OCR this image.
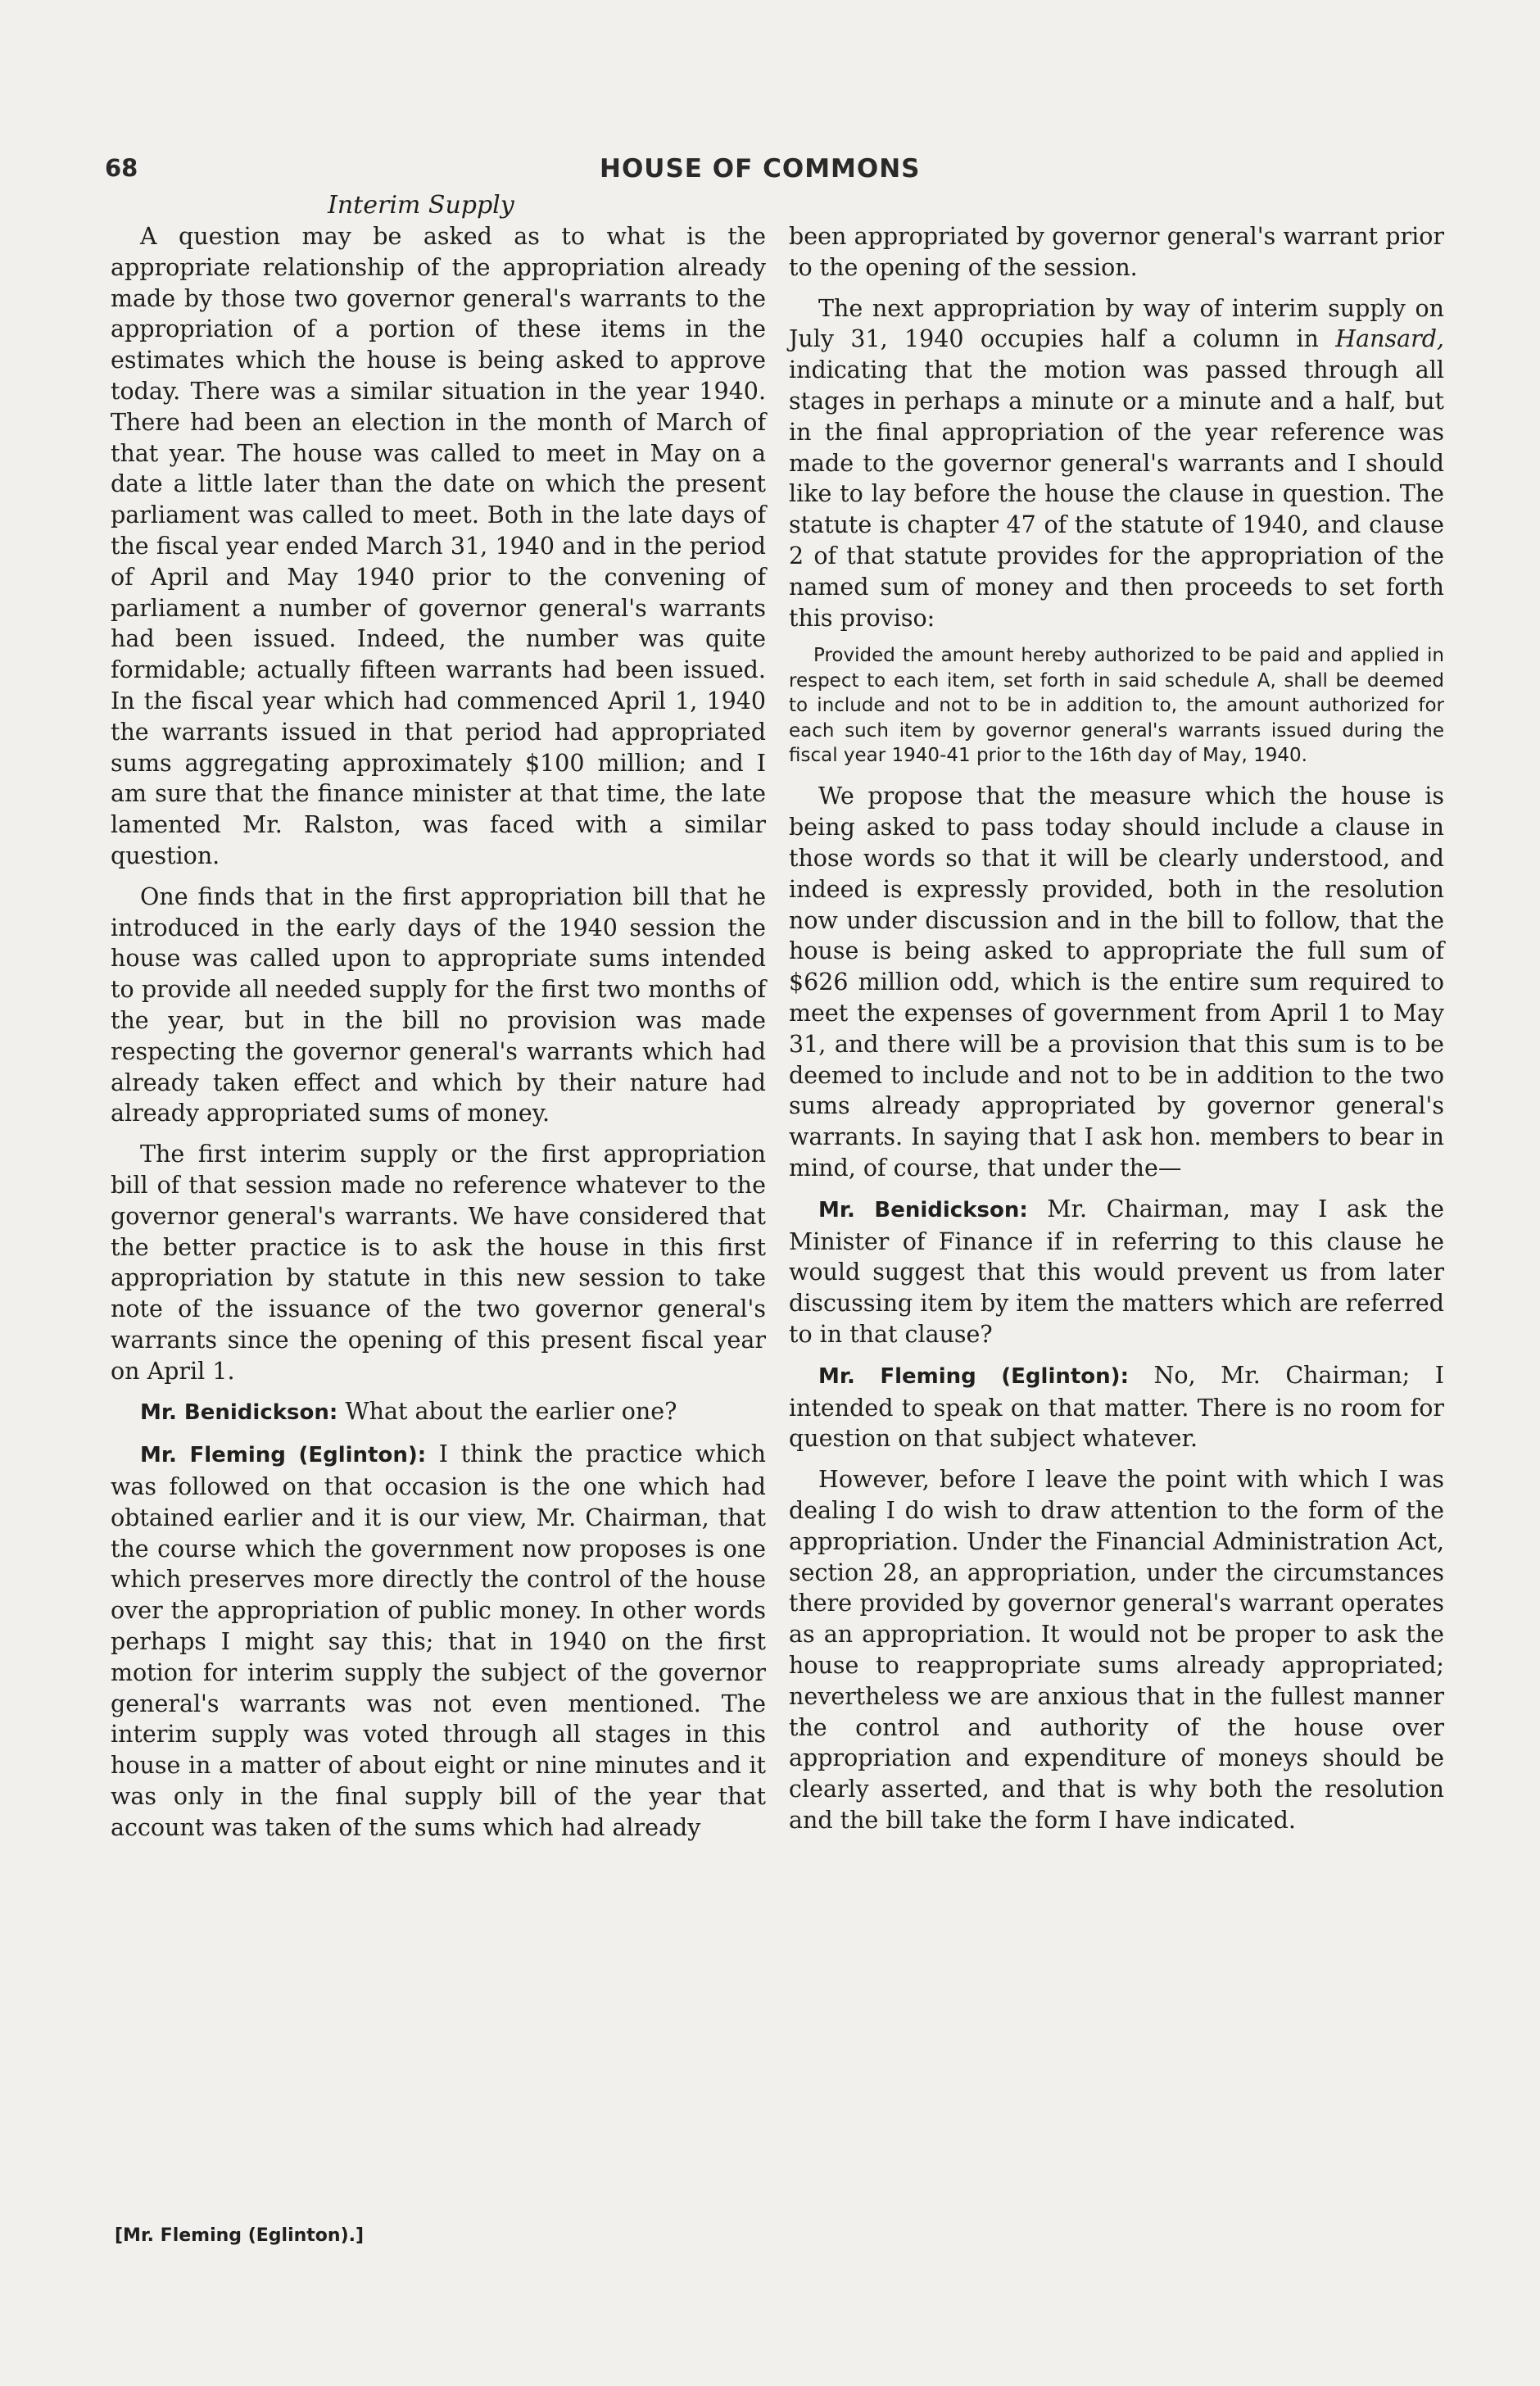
68	HOUSE OF COMMONS
Interim Supply

A question may be asked as to what is the appropriate relationship of the appropriation already made by those two governor general's warrants to the appropriation of a portion of these items in the estimates which the house is being asked to approve today. There was a similar situation in the year 1940. There had been an election in the month of March of that year. The house was called to meet in May on a date a little later than the date on which the present parliament was called to meet. Both in the late days of the fiscal year ended March 31, 1940 and in the period of April and May 1940 prior to the convening of parliament a number of governor general's warrants had been issued. Indeed, the number was quite formidable; actually fifteen warrants had been issued. In the fiscal year which had commenced April 1, 1940 the warrants issued in that period had appropriated sums aggregating approximately $100 million; and I am sure that the finance minister at that time, the late lamented Mr. Ralston, was faced with a similar question.

One finds that in the first appropriation bill that he introduced in the early days of the 1940 session the house was called upon to appropriate sums intended to provide all needed supply for the first two months of the year, but in the bill no provision was made respecting the governor general's warrants which had already taken effect and which by their nature had already appropriated sums of money.

The first interim supply or the first appropriation bill of that session made no reference whatever to the governor general's warrants. We have considered that the better practice is to ask the house in this first appropriation by statute in this new session to take note of the issuance of the two governor general's warrants since the opening of this present fiscal year on April 1.

Mr. Benidickson: What about the earlier one?

Mr. Fleming (Eglinton): I think the practice which was followed on that occasion is the one which had obtained earlier and it is our view, Mr. Chairman, that the course which the government now proposes is one which preserves more directly the control of the house over the appropriation of public money. In other words perhaps I might say this; that in 1940 on the first motion for interim supply the subject of the governor general's warrants was not even mentioned. The interim supply was voted through all stages in this house in a matter of about eight or nine minutes and it was only in the final supply bill of the year that account was taken of the sums which had already

been appropriated by governor general's warrant prior to the opening of the session.

The next appropriation by way of interim supply on July 31, 1940 occupies half a column in Hansard, indicating that the motion was passed through all stages in perhaps a minute or a minute and a half, but in the final appropriation of the year reference was made to the governor general's warrants and I should like to lay before the house the clause in question. The statute is chapter 47 of the statute of 1940, and clause 2 of that statute provides for the appropriation of the named sum of money and then proceeds to set forth this proviso:

Provided the amount hereby authorized to be paid and applied in respect to each item, set forth in said schedule A, shall be deemed to include and not to be in addition to, the amount authorized for each such item by governor general's warrants issued during the fiscal year 1940-41 prior to the 16th day of May, 1940.

We propose that the measure which the house is being asked to pass today should include a clause in those words so that it will be clearly understood, and indeed is expressly provided, both in the resolution now under discussion and in the bill to follow, that the house is being asked to appropriate the full sum of $626 million odd, which is the entire sum required to meet the expenses of government from April 1 to May 31, and there will be a provision that this sum is to be deemed to include and not to be in addition to the two sums already appropriated by governor general's warrants. In saying that I ask hon. members to bear in mind, of course, that under the—

Mr. Benidickson: Mr. Chairman, may I ask the Minister of Finance if in referring to this clause he would suggest that this would prevent us from later discussing item by item the matters which are referred to in that clause?

Mr. Fleming (Eglinton): No, Mr. Chairman; I intended to speak on that matter. There is no room for question on that subject whatever.

However, before I leave the point with which I was dealing I do wish to draw attention to the form of the appropriation. Under the Financial Administration Act, section 28, an appropriation, under the circumstances there provided by governor general's warrant operates as an appropriation. It would not be proper to ask the house to reappropriate sums already appropriated; nevertheless we are anxious that in the fullest manner the control and authority of the house over appropriation and expenditure of moneys should be clearly asserted, and that is why both the resolution and the bill take the form I have indicated.

[Mr. Fleming (Eglinton).]
